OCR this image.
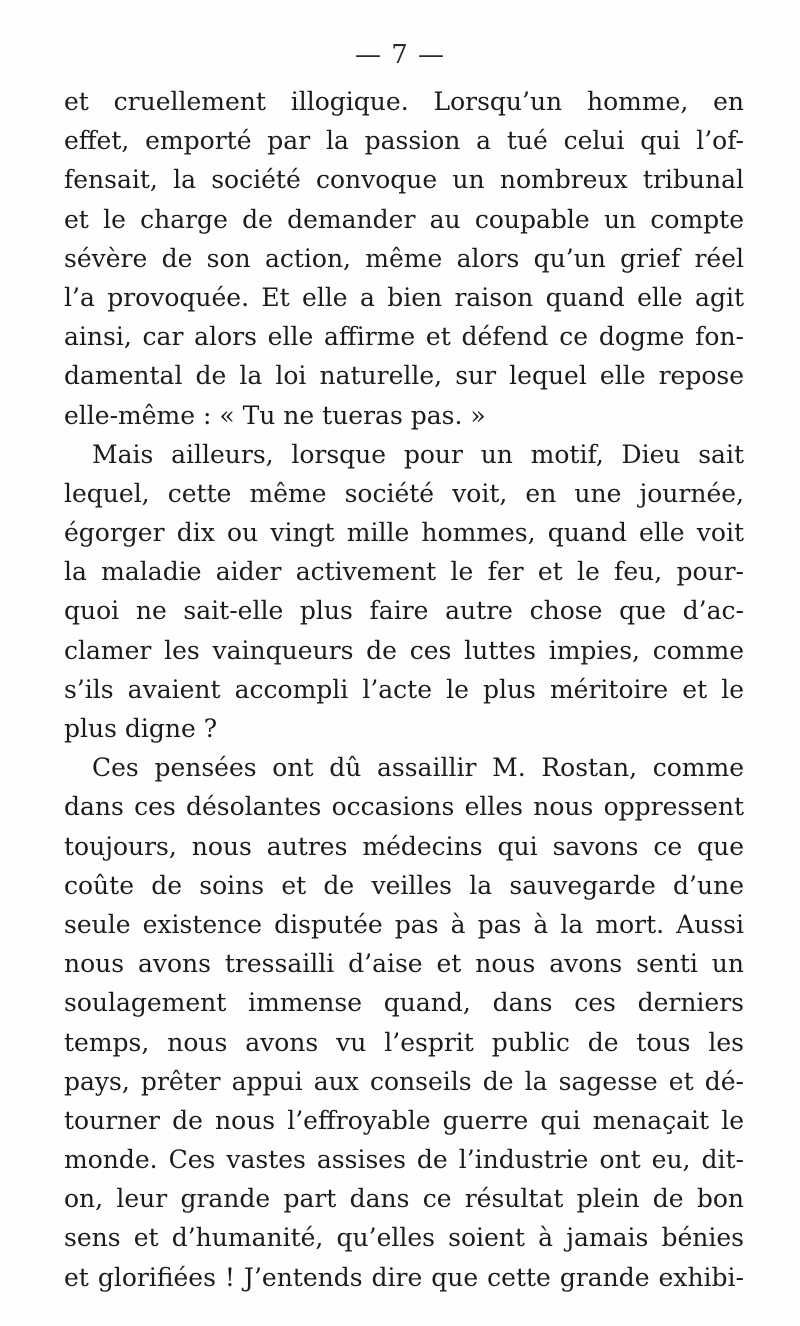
— 7 —
et cruellement illogique. Lorsqu’un homme, en
effet, emporté par la passion a tué celui qui l’of-
fensait, la société convoque un nombreux tribunal
et le charge de demander au coupable un compte
sévère de son action, même alors qu’un grief réel
l’a provoquée. Et elle a bien raison quand elle agit
ainsi, car alors elle affirme et défend ce dogme fon-
damental de la loi naturelle, sur lequel elle repose
elle-même : « Tu ne tueras pas. »
Mais ailleurs, lorsque pour un motif, Dieu sait
lequel, cette même société voit, en une journée,
égorger dix ou vingt mille hommes, quand elle voit
la maladie aider activement le fer et le feu, pour-
quoi ne sait-elle plus faire autre chose que d’ac-
clamer les vainqueurs de ces luttes impies, comme
s’ils avaient accompli l’acte le plus méritoire et le
plus digne ?
Ces pensées ont dû assaillir M. Rostan, comme
dans ces désolantes occasions elles nous oppressent
toujours, nous autres médecins qui savons ce que
coûte de soins et de veilles la sauvegarde d’une
seule existence disputée pas à pas à la mort. Aussi
nous avons tressailli d’aise et nous avons senti un
soulagement immense quand, dans ces derniers
temps, nous avons vu l’esprit public de tous les
pays, prêter appui aux conseils de la sagesse et dé-
tourner de nous l’effroyable guerre qui menaçait le
monde. Ces vastes assises de l’industrie ont eu, dit-
on, leur grande part dans ce résultat plein de bon
sens et d’humanité, qu’elles soient à jamais bénies
et glorifiées ! J’entends dire que cette grande exhibi-
